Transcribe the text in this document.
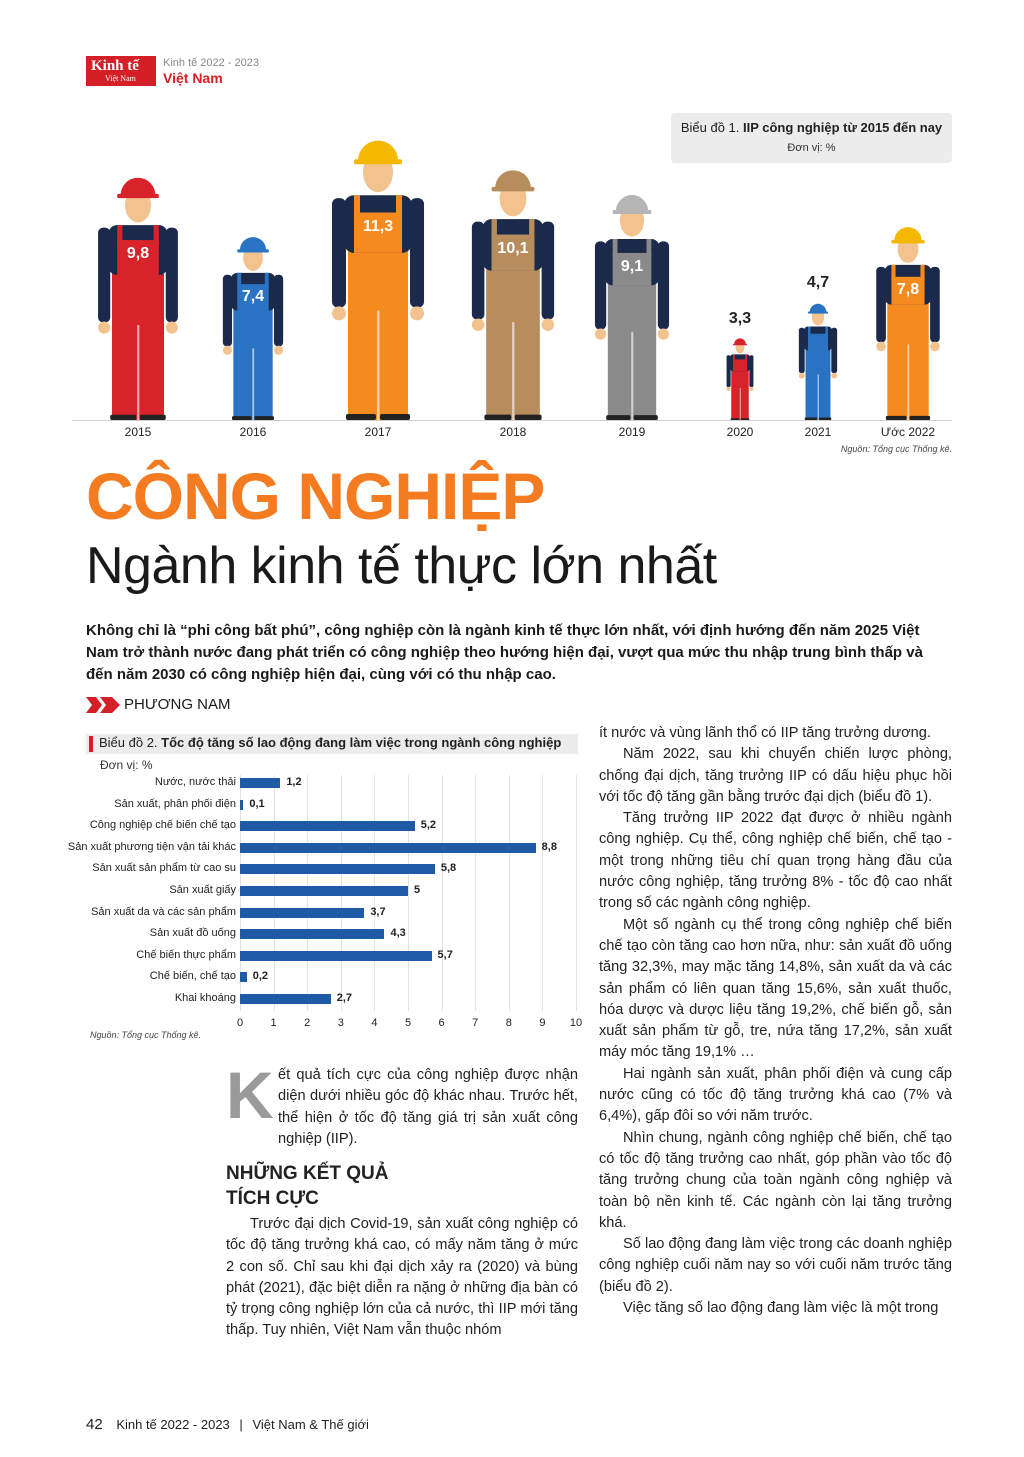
Kinh tế
Việt Nam
Kinh tế 2022 - 2023
Việt Nam
Biểu đồ 1. IIP công nghiệp từ 2015 đến nay
Đơn vị: %
2015
9,8
2016
7,4
2017
11,3
2018
10,1
2019
9,1
2020
3,3
2021
4,7
Ước 2022
7,8
Nguồn: Tổng cục Thống kê.
CÔNG NGHIỆP
Ngành kinh tế thực lớn nhất
Không chỉ là “phi công bất phú”, công nghiệp còn là ngành kinh tế thực lớn nhất, với định hướng đến năm 2025 Việt Nam trở thành nước đang phát triển có công nghiệp theo hướng hiện đại, vượt qua mức thu nhập trung bình thấp và đến năm 2030 có công nghiệp hiện đại, cùng với có thu nhập cao.
PHƯƠNG NAM
Biểu đồ 2. Tốc độ tăng số lao động đang làm việc trong ngành công nghiệp
Đơn vị: %
0 1 2 3 4 5 6 7 8 9 10
Nước, nước thải	1,2
Sản xuất, phân phối điện 0,1
Công nghiệp chế biến chế tạo	5,2
Sản xuất phương tiện vận tải khác	8,8
Sản xuất sản phẩm từ cao su	5,8
Sản xuất giấy	5
Sản xuất da và các sản phẩm	3,7
Sản xuất đồ uống	4,3
Chế biến thực phẩm	5,7
Chế biến, chế tạo 0,2
Khai khoáng	2,7
Nguồn: Tổng cục Thống kê.
K ết quả tích cực của công nghiệp được nhận diện dưới nhiều góc độ khác nhau. Trước hết, thể hiện ở tốc độ tăng giá trị sản xuất công nghiệp (IIP).

NHỮNG KẾT QUẢ
TÍCH CỰC

Trước đại dịch Covid-19, sản xuất công nghiệp có tốc độ tăng trưởng khá cao, có mấy năm tăng ở mức 2 con số. Chỉ sau khi đại dịch xảy ra (2020) và bùng phát (2021), đặc biệt diễn ra nặng ở những địa bàn có tỷ trọng công nghiệp lớn của cả nước, thì IIP mới tăng thấp. Tuy nhiên, Việt Nam vẫn thuộc nhóm

ít nước và vùng lãnh thổ có IIP tăng trưởng dương.

Năm 2022, sau khi chuyển chiến lược phòng, chống đại dịch, tăng trưởng IIP có dấu hiệu phục hồi với tốc độ tăng gần bằng trước đại dịch (biểu đồ 1).

Tăng trưởng IIP 2022 đạt được ở nhiều ngành công nghiệp. Cụ thể, công nghiệp chế biến, chế tạo - một trong những tiêu chí quan trọng hàng đầu của nước công nghiệp, tăng trưởng 8% - tốc độ cao nhất trong số các ngành công nghiệp.

Một số ngành cụ thể trong công nghiệp chế biến chế tạo còn tăng cao hơn nữa, như: sản xuất đồ uống tăng 32,3%, may mặc tăng 14,8%, sản xuất da và các sản phẩm có liên quan tăng 15,6%, sản xuất thuốc, hóa dược và dược liệu tăng 19,2%, chế biến gỗ, sản xuất sản phẩm từ gỗ, tre, nứa tăng 17,2%, sản xuất máy móc tăng 19,1% …

Hai ngành sản xuất, phân phối điện và cung cấp nước cũng có tốc độ tăng trưởng khá cao (7% và 6,4%), gấp đôi so với năm trước.

Nhìn chung, ngành công nghiệp chế biến, chế tạo có tốc độ tăng trưởng cao nhất, góp phần vào tốc độ tăng trưởng chung của toàn ngành công nghiệp và toàn bộ nền kinh tế. Các ngành còn lại tăng trưởng khá.

Số lao động đang làm việc trong các doanh nghiệp công nghiệp cuối năm nay so với cuối năm trước tăng (biểu đồ 2).

Việc tăng số lao động đang làm việc là một trong

42 Kinh tế 2022 - 2023 | Việt Nam & Thế giới
